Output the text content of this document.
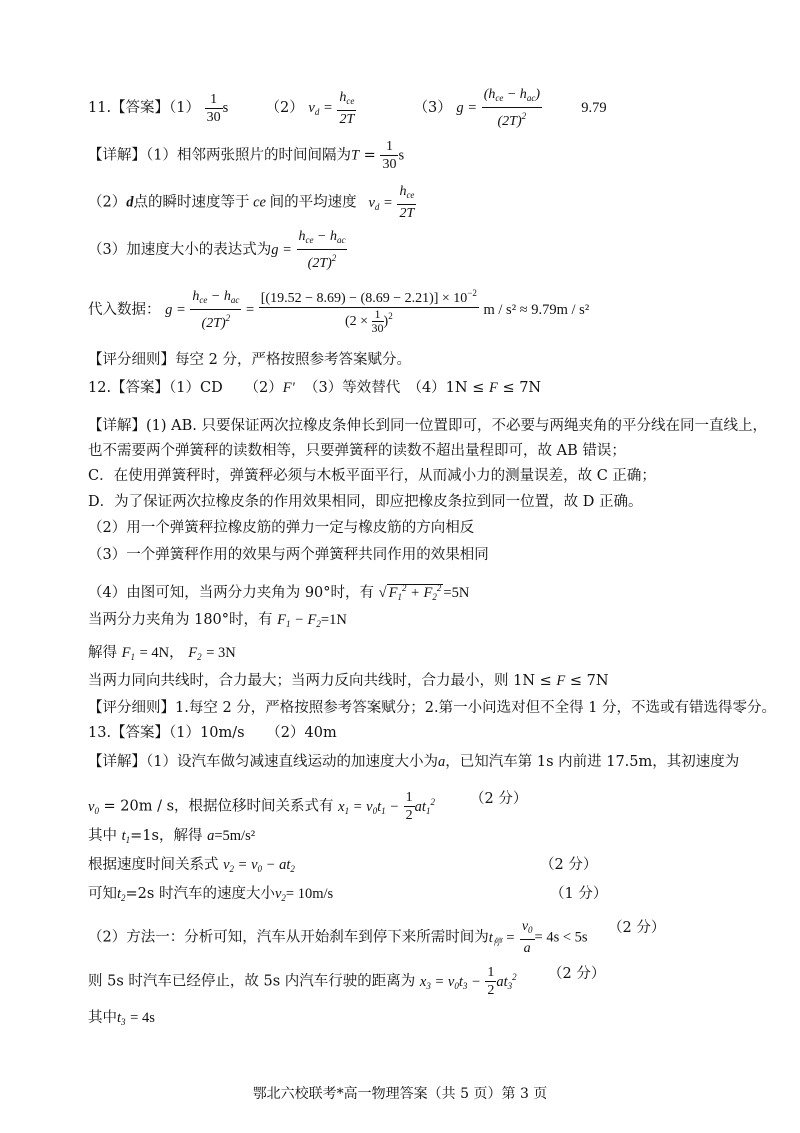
11.【答案】$(1) \frac{1}{30}$ s	（2） $v_d = \frac{h_{ce}}{2T}$	（3） $g = \frac{(h_{ce} - h_{ac})}{(2T)^2}$	9.79
【详解】（1）相邻两张照片的时间间隔为$T = \frac{1}{30}$ s
（2）d点的瞬时速度等于 ce 间的平均速度   $v_d = \frac{h_{ce}}{2T}$
（3）加速度大小的表达式为$g = \frac{h_{ce} - h_{ac}}{(2T)^2}$
代入数据： $g = \frac{h_{ce} - h_{ac}}{(2T)^2} = \frac{[(19.52 - 8.69) - (8.69 - 2.21)] \times 10^{-2}}{(2 \times \frac{1}{30} )^2}$ m / s² ≈ 9.79m / s²
【评分细则】每空 2 分，严格按照参考答案赋分。
12.【答案】（1）CD　　（2）F′ （3）等效替代　（4）1N ≤ F ≤ 7N
【详解】(1) AB. 只要保证两次拉橡皮条伸长到同一位置即可，不必要与两绳夹角的平分线在同一直线上，
也不需要两个弹簧秤的读数相等，只要弹簧秤的读数不超出量程即可，故 AB 错误；
C．在使用弹簧秤时，弹簧秤必须与木板平面平行，从而减小力的测量误差，故 C 正确；
D．为了保证两次拉橡皮条的作用效果相同，即应把橡皮条拉到同一位置，故 D 正确。
（2）用一个弹簧秤拉橡皮筋的弹力一定与橡皮筋的方向相反
（3）一个弹簧秤作用的效果与两个弹簧秤共同作用的效果相同
（4）由图可知，当两分力夹角为 90°时，有 √ $F_1^2 + F_2^2 =5N$
当两分力夹角为 180°时，有 $F_1 - F_2=1N$
解得 $F_1 = 4N$， $F_2 = 3N$
当两力同向共线时，合力最大；当两力反向共线时，合力最小，则 1N ≤ F ≤ 7N
【评分细则】1.每空 2 分，严格按照参考答案赋分；2.第一小问选对但不全得 1 分，不选或有错选得零分。
13.【答案】（1）10m/s　　（2）40m
【详解】（1）设汽车做匀减速直线运动的加速度大小为a，已知汽车第 1s 内前进 17.5m，其初速度为
$v_0 = 20m / s$，根据位移时间关系式有 $x_1 = v_0t_1 - \frac{1}{2} at_1^2$ （2 分）
其中 $t_1=1s$，解得 a=5m/s²
根据速度时间关系式 $v_2 = v_0 - at_2$	（2 分）
可知$t_2=2s$ 时汽车的速度大小$v_2= 10m/s$	（1 分）
（2）方法一：分析可知，汽车从开始刹车到停下来所需时间为$t_停 = \frac{v_0}{a} = 4s < 5s$
（2 分）
则 5s 时汽车已经停止，故 5s 内汽车行驶的距离为 $x_3 = v_0t_3 - \frac{1}{2} at_3^2$ （2 分）
其中$t_3 = 4s$
鄂北六校联考*高一物理答案（共 5 页）第 3 页
